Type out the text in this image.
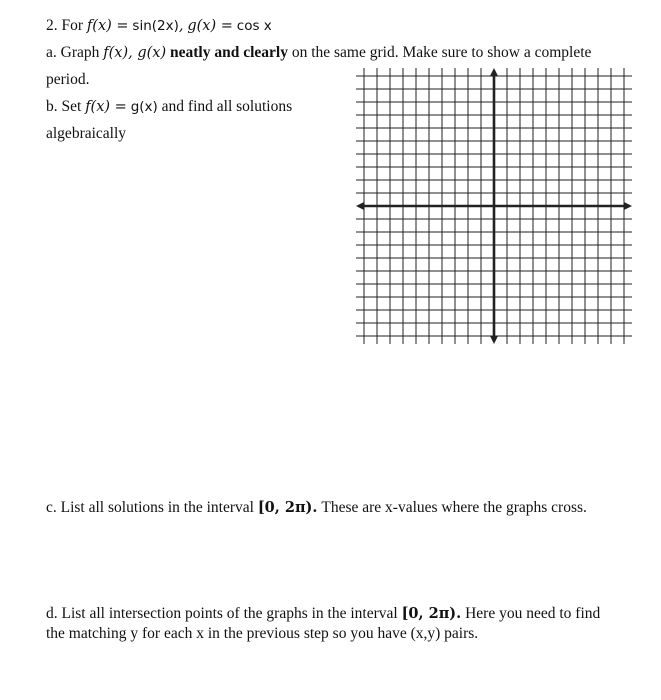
2. For f(x) = sin(2x), g(x) = cos x
a. Graph f(x), g(x) neatly and clearly on the same grid. Make sure to show a complete
period.
b. Set f(x) = g(x) and find all solutions
algebraically
c. List all solutions in the interval [0, 2π). These are x-values where the graphs cross.
d. List all intersection points of the graphs in the interval [0, 2π). Here you need to find
the matching y for each x in the previous step so you have (x,y) pairs.
